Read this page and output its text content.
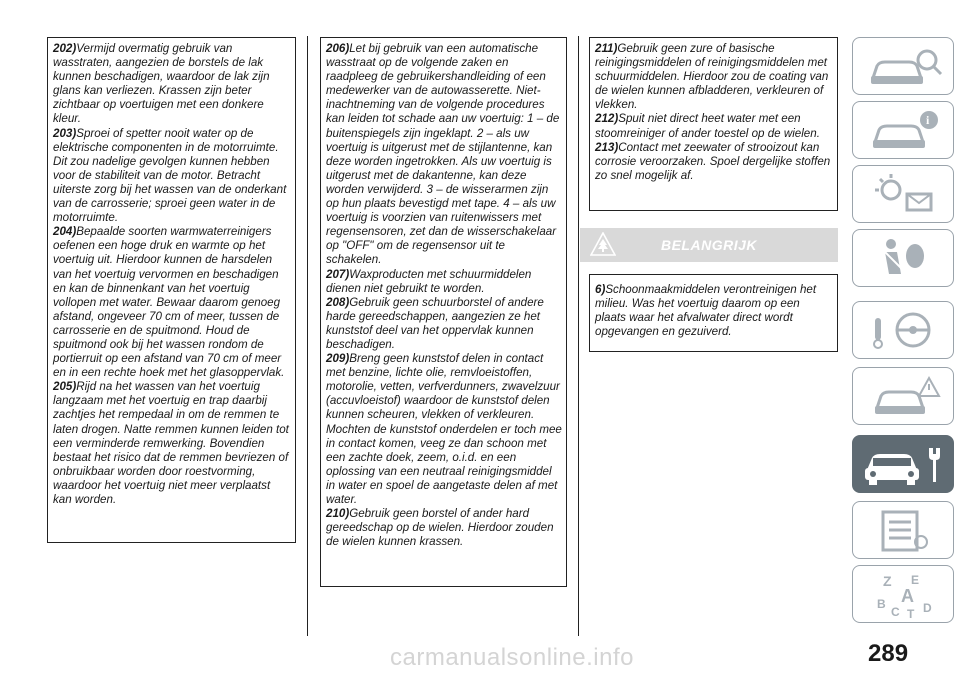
202)Vermijd overmatig gebruik van wasstraten, aangezien de borstels de lak kunnen beschadigen, waardoor de lak zijn glans kan verliezen. Krassen zijn beter zichtbaar op voertuigen met een donkere kleur.

203)Sproei of spetter nooit water op de elektrische componenten in de motorruimte. Dit zou nadelige gevolgen kunnen hebben voor de stabiliteit van de motor. Betracht uiterste zorg bij het wassen van de onderkant van de carrosserie; sproei geen water in de motorruimte.

204)Bepaalde soorten warmwaterreinigers oefenen een hoge druk en warmte op het voertuig uit. Hierdoor kunnen de harsdelen van het voertuig vervormen en beschadigen en kan de binnenkant van het voertuig vollopen met water. Bewaar daarom genoeg afstand, ongeveer 70 cm of meer, tussen de carrosserie en de spuitmond. Houd de spuitmond ook bij het wassen rondom de portierruit op een afstand van 70 cm of meer en in een rechte hoek met het glasoppervlak.

205)Rijd na het wassen van het voertuig langzaam met het voertuig en trap daarbij zachtjes het rempedaal in om de remmen te laten drogen. Natte remmen kunnen leiden tot een verminderde remwerking. Bovendien bestaat het risico dat de remmen bevriezen of onbruikbaar worden door roestvorming, waardoor het voertuig niet meer verplaatst kan worden.

206)Let bij gebruik van een automatische wasstraat op de volgende zaken en raadpleeg de gebruikershandleiding of een medewerker van de autowasserette. Niet-inachtneming van de volgende procedures kan leiden tot schade aan uw voertuig: 1 – de buitenspiegels zijn ingeklapt. 2 – als uw voertuig is uitgerust met de stijlantenne, kan deze worden ingetrokken. Als uw voertuig is uitgerust met de dakantenne, kan deze worden verwijderd. 3 – de wisserarmen zijn op hun plaats bevestigd met tape. 4 – als uw voertuig is voorzien van ruitenwissers met regensensoren, zet dan de wisserschakelaar op "OFF" om de regensensor uit te schakelen.

207)Waxproducten met schuurmiddelen dienen niet gebruikt te worden.

208)Gebruik geen schuurborstel of andere harde gereedschappen, aangezien ze het kunststof deel van het oppervlak kunnen beschadigen.

209)Breng geen kunststof delen in contact met benzine, lichte olie, remvloeistoffen, motorolie, vetten, verfverdunners, zwavelzuur (accuvloeistof) waardoor de kunststof delen kunnen scheuren, vlekken of verkleuren. Mochten de kunststof onderdelen er toch mee in contact komen, veeg ze dan schoon met een zachte doek, zeem, o.i.d. en een oplossing van een neutraal reinigingsmiddel in water en spoel de aangetaste delen af met water.

210)Gebruik geen borstel of ander hard gereedschap op de wielen. Hierdoor zouden de wielen kunnen krassen.

211)Gebruik geen zure of basische reinigingsmiddelen of reinigingsmiddelen met schuurmiddelen. Hierdoor zou de coating van de wielen kunnen afbladderen, verkleuren of vlekken.

212)Spuit niet direct heet water met een stoomreiniger of ander toestel op de wielen.

213)Contact met zeewater of strooizout kan corrosie veroorzaken. Spoel dergelijke stoffen zo snel mogelijk af.

BELANGRIJK

6)Schoonmaakmiddelen verontreinigen het milieu. Was het voertuig daarom op een plaats waar het afvalwater direct wordt opgevangen en gezuiverd.

i
Z E
B A
C T D
carmanualsonline.info	289
